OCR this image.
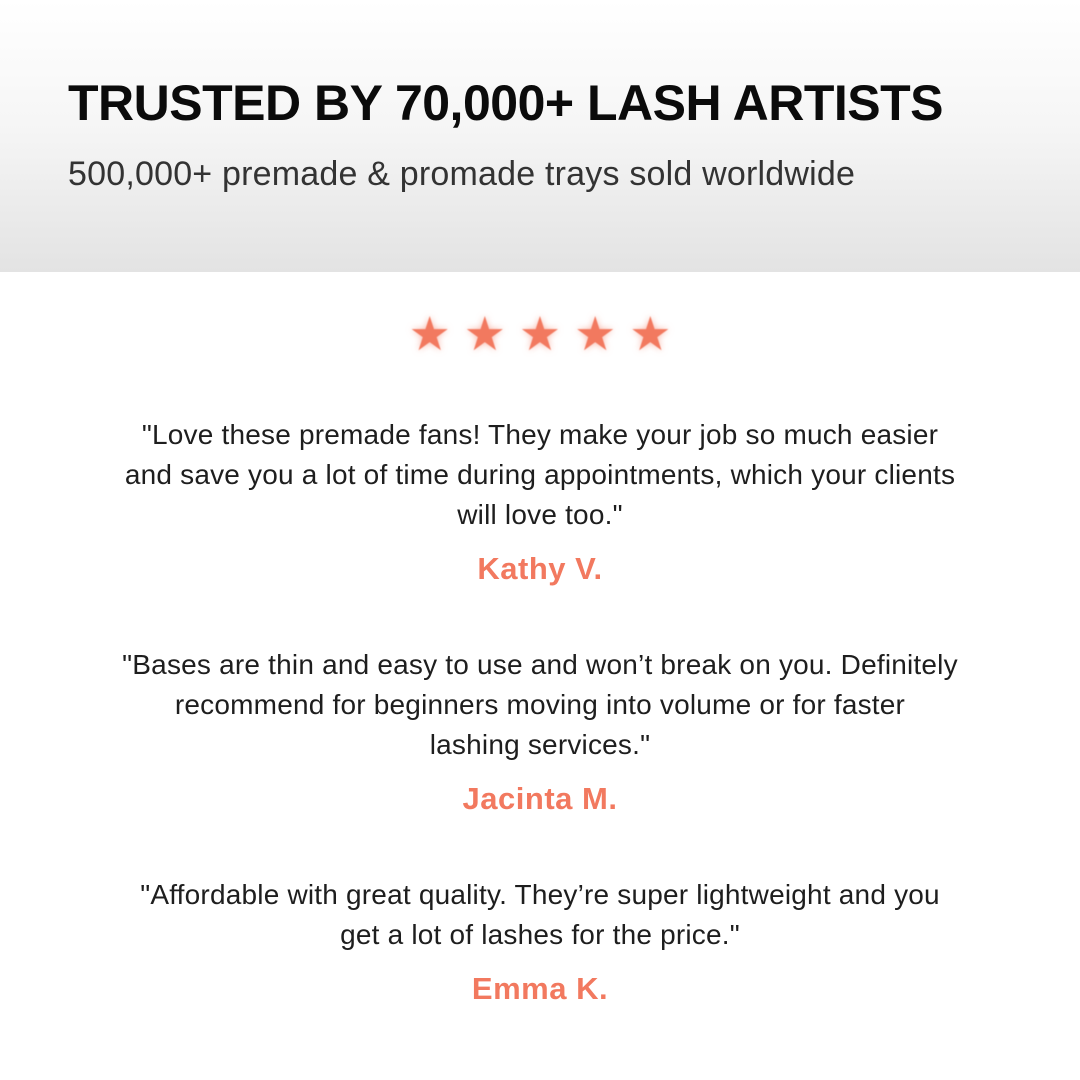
TRUSTED BY 70,000+ LASH ARTISTS

500,000+ premade & promade trays sold worldwide

★ ★ ★ ★ ★

"Love these premade fans! They make your job so much easier
and save you a lot of time during appointments, which your clients
will love too."

Kathy V.

"Bases are thin and easy to use and won’t break on you. Definitely
recommend for beginners moving into volume or for faster
lashing services."

Jacinta M.

"Affordable with great quality. They’re super lightweight and you
get a lot of lashes for the price."

Emma K.
